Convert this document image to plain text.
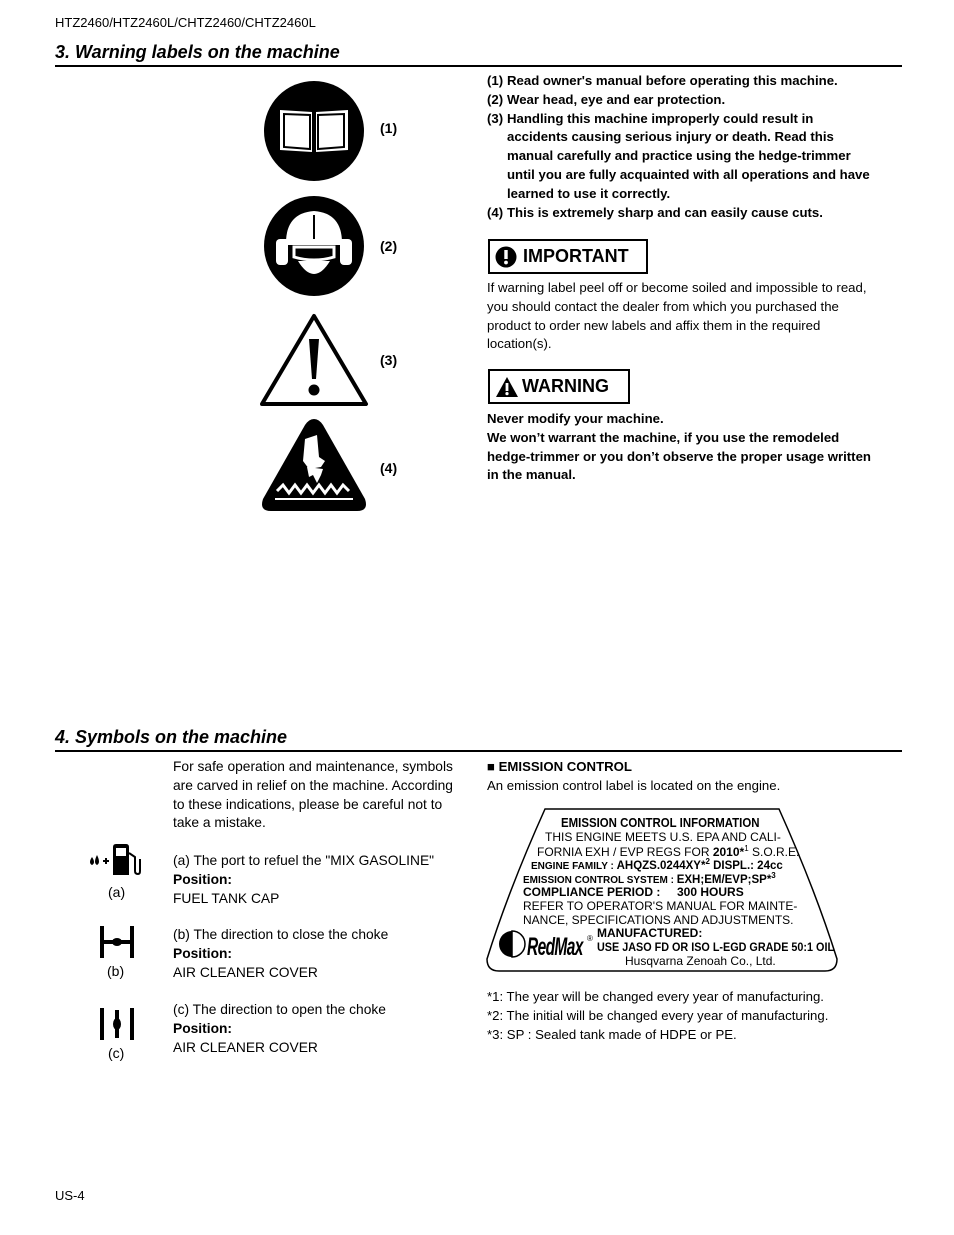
HTZ2460/HTZ2460L/CHTZ2460/CHTZ2460L
3. Warning labels on the machine
(1)
(2)
(3)
(4)
(1) Read owner's manual before operating this machine.
(2) Wear head, eye and ear protection.
(3) Handling this machine improperly could result in
accidents causing serious injury or death. Read this
manual carefully and practice using the hedge-trimmer
until you are fully acquainted with all operations and have
learned to use it correctly.
(4) This is extremely sharp and can easily cause cuts.
IMPORTANT
If warning label peel off or become soiled and impossible to read,
you should contact the dealer from which you purchased the
product to order new labels and affix them in the required
location(s).
WARNING
Never modify your machine.
We won’t warrant the machine, if you use the remodeled
hedge-trimmer or you don’t observe the proper usage written
in the manual.
4. Symbols on the machine
For safe operation and maintenance, symbols
are carved in relief on the machine. According
to these indications, please be careful not to
take a mistake.
(a)
(a) The port to refuel the "MIX GASOLINE"
Position:
FUEL TANK CAP
(b)
(b) The direction to close the choke
Position:
AIR CLEANER COVER
(c)
(c) The direction to open the choke
Position:
AIR CLEANER COVER
■ EMISSION CONTROL
An emission control label is located on the engine.
EMISSION CONTROL INFORMATION
THIS ENGINE MEETS U.S. EPA AND CALI-
FORNIA EXH / EVP REGS FOR 2010*$^1$ S.O.R.E.
ENGINE FAMILY : AHQZS.0244XY*$^2$ DISPL.: 24cc
EMISSION CONTROL SYSTEM : EXH;EM/EVP;SP*$^3$
COMPLIANCE PERIOD :     300 HOURS
REFER TO OPERATOR'S MANUAL FOR MAINTE-
NANCE, SPECIFICATIONS AND ADJUSTMENTS.
RedMax ® MANUFACTURED:
USE JASO FD OR ISO L-EGD GRADE 50:1 OIL
Husqvarna Zenoah Co., Ltd.
*1: The year will be changed every year of manufacturing.
*2: The initial will be changed every year of manufacturing.
*3: SP : Sealed tank made of HDPE or PE.
US-4
